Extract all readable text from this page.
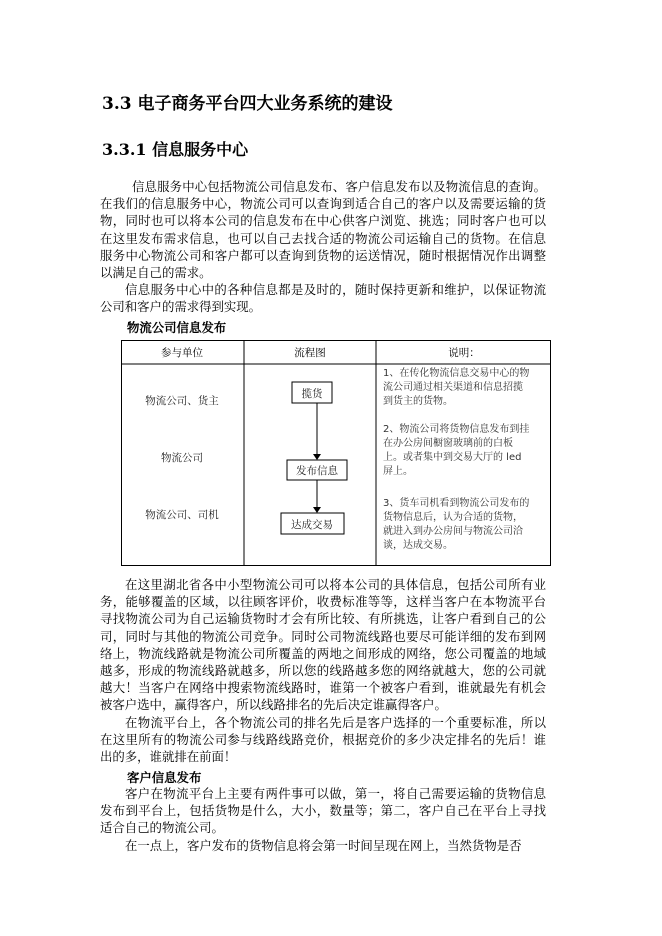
3.3 电子商务平台四大业务系统的建设
3.3.1 信息服务中心

信息服务中心包括物流公司信息发布、客户信息发布以及物流信息的查询。在我们的信息服务中心，物流公司可以查询到适合自己的客户以及需要运输的货物，同时也可以将本公司的信息发布在中心供客户浏览、挑选；同时客户也可以在这里发布需求信息，也可以自己去找合适的物流公司运输自己的货物。在信息服务中心物流公司和客户都可以查询到货物的运送情况，随时根据情况作出调整以满足自己的需求。

信息服务中心中的各种信息都是及时的，随时保持更新和维护，以保证物流公司和客户的需求得到实现。

物流公司信息发布
参与单位	流程图	说明：
物流公司、货主
物流公司
物流公司、司机
揽货
发布信息
达成交易
1、在传化物流信息交易中心的物
流公司通过相关渠道和信息招揽
到货主的货物。
2、物流公司将货物信息发布到挂
在办公房间橱窗玻璃前的白板
上。或者集中到交易大厅的 led
屏上。
3、货车司机看到物流公司发布的
货物信息后，认为合适的货物，
就进入到办公房间与物流公司洽
谈，达成交易。

在这里湖北省各中小型物流公司可以将本公司的具体信息，包括公司所有业务，能够覆盖的区域，以往顾客评价，收费标准等等，这样当客户在本物流平台寻找物流公司为自己运输货物时才会有所比较、有所挑选，让客户看到自己的公司，同时与其他的物流公司竞争。同时公司物流线路也要尽可能详细的发布到网络上，物流线路就是物流公司所覆盖的两地之间形成的网络，您公司覆盖的地域越多，形成的物流线路就越多，所以您的线路越多您的网络就越大，您的公司就越大！当客户在网络中搜索物流线路时，谁第一个被客户看到，谁就最先有机会被客户选中，赢得客户，所以线路排名的先后决定谁赢得客户。

在物流平台上，各个物流公司的排名先后是客户选择的一个重要标准，所以在这里所有的物流公司参与线路线路竞价，根据竞价的多少决定排名的先后！谁出的多，谁就排在前面！

客户信息发布

客户在物流平台上主要有两件事可以做，第一，将自己需要运输的货物信息发布到平台上，包括货物是什么，大小，数量等；第二，客户自己在平台上寻找适合自己的物流公司。

在一点上，客户发布的货物信息将会第一时间呈现在网上，当然货物是否
